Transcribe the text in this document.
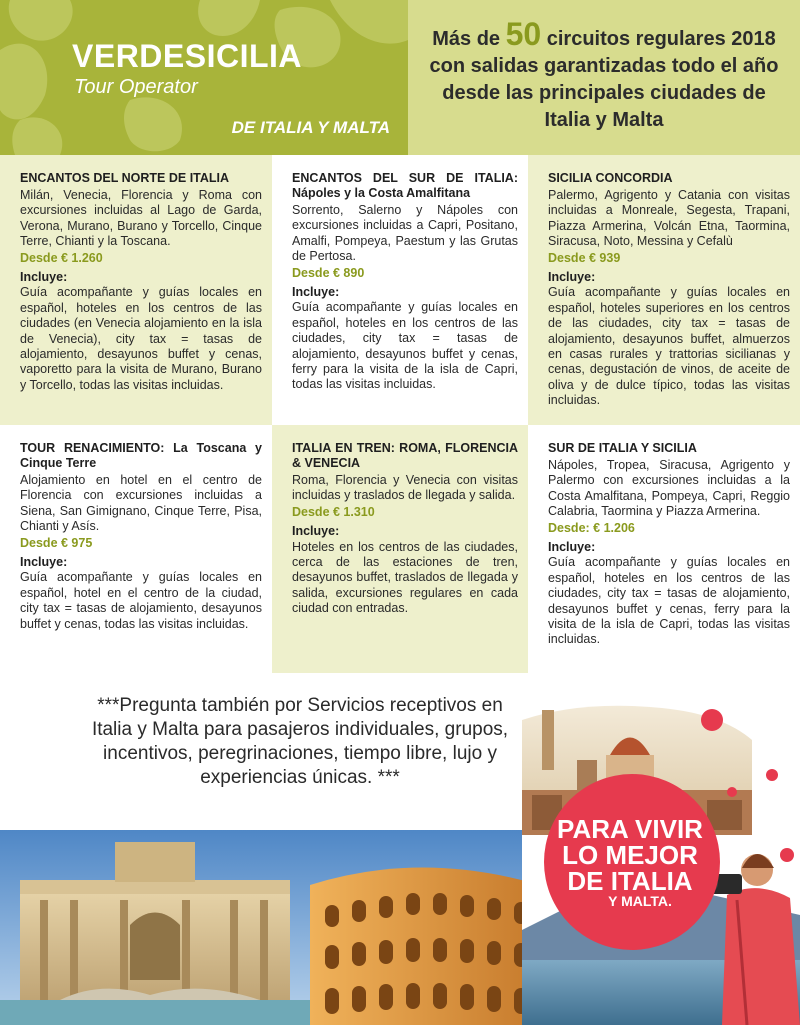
VERDESICILIA
Tour Operator
DE ITALIA Y MALTA

Más de 50 circuitos regulares 2018 con salidas garantizadas todo el año desde las principales ciudades de Italia y Malta

ENCANTOS DEL NORTE DE ITALIA
Milán, Venecia, Florencia y Roma con excursiones incluidas al Lago de Garda, Verona, Murano, Burano y Torcello, Cinque Terre, Chianti y la Toscana.
Desde € 1.260
Incluye:
Guía acompañante y guías locales en español, hoteles en los centros de las ciudades (en Venecia alojamiento en la isla de Venecia), city tax = tasas de alojamiento, desayunos buffet y cenas, vaporetto para la visita de Murano, Burano y Torcello, todas las visitas incluidas.
ENCANTOS DEL SUR DE ITALIA: Nápoles y la Costa Amalfitana
Sorrento, Salerno y Nápoles con excursiones incluidas a Capri, Positano, Amalfi, Pompeya, Paestum y las Grutas de Pertosa.
Desde € 890
Incluye:
Guía acompañante y guías locales en español, hoteles en los centros de las ciudades, city tax = tasas de alojamiento, desayunos buffet y cenas, ferry para la visita de la isla de Capri, todas las visitas incluidas.
SICILIA CONCORDIA
Palermo, Agrigento y Catania con visitas incluidas a Monreale, Segesta, Trapani, Piazza Armerina, Volcán Etna, Taormina, Siracusa, Noto, Messina y Cefalù
Desde € 939
Incluye:
Guía acompañante y guías locales en español, hoteles superiores en los centros de las ciudades, city tax = tasas de alojamiento, desayunos buffet, almuerzos en casas rurales y trattorias sicilianas y cenas, degustación de vinos, de aceite de oliva y de dulce típico, todas las visitas incluidas.
TOUR RENACIMIENTO: La Toscana y Cinque Terre
Alojamiento en hotel en el centro de Florencia con excursiones incluidas a Siena, San Gimignano, Cinque Terre, Pisa, Chianti y Asís.
Desde € 975
Incluye:
Guía acompañante y guías locales en español, hotel en el centro de la ciudad, city tax = tasas de alojamiento, desayunos buffet y cenas, todas las visitas incluidas.
ITALIA EN TREN: ROMA, FLORENCIA & VENECIA
Roma, Florencia y Venecia con visitas incluidas y traslados de llegada y salida.
Desde € 1.310
Incluye:
Hoteles en los centros de las ciudades, cerca de las estaciones de tren, desayunos buffet, traslados de llegada y salida, excursiones regulares en cada ciudad con entradas.
SUR DE ITALIA Y SICILIA
Nápoles, Tropea, Siracusa, Agrigento y Palermo con excursiones incluidas a la Costa Amalfitana, Pompeya, Capri, Reggio Calabria, Taormina y Piazza Armerina.
Desde: € 1.206
Incluye:
Guía acompañante y guías locales en español, hoteles en los centros de las ciudades, city tax = tasas de alojamiento, desayunos buffet y cenas, ferry para la visita de la isla de Capri, todas las visitas incluidas.
***Pregunta también por Servicios receptivos en Italia y Malta para pasajeros individuales, grupos, incentivos, peregrinaciones, tiempo libre, lujo y experiencias únicas. ***
PARA VIVIR
LO MEJOR
DE ITALIA
Y MALTA.
